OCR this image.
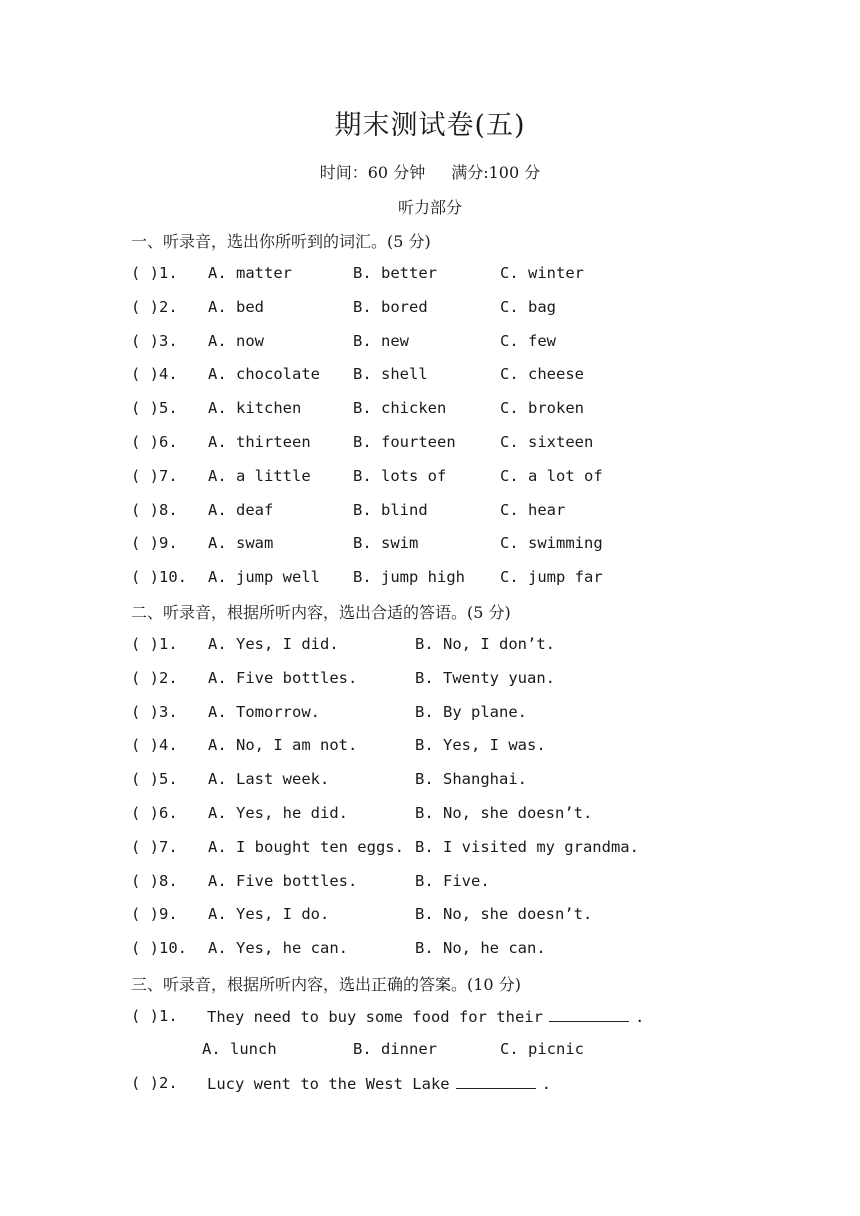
期末测试卷(五)
时间：60 分钟 满分:100 分
听力部分
一、听录音，选出你所听到的词汇。(5 分)
( )1. A. matter	B. better	C. winter
( )2. A. bed	B. bored	C. bag
( )3. A. now	B. new	C. few
( )4. A. chocolate B. shell	C. cheese
( )5. A. kitchen	B. chicken	C. broken
( )6. A. thirteen	B. fourteen	C. sixteen
( )7. A. a little	B. lots of	C. a lot of
( )8. A. deaf	B. blind	C. hear
( )9. A. swam	B. swim	C. swimming
( )10. A. jump well B. jump high C. jump far
二、听录音，根据所听内容，选出合适的答语。(5 分)
( )1. A. Yes, I did.	B. No, I don’t.
( )2. A. Five bottles.	B. Twenty yuan.
( )3. A. Tomorrow.	B. By plane.
( )4. A. No, I am not.	B. Yes, I was.
( )5. A. Last week.	B. Shanghai.
( )6. A. Yes, he did.	B. No, she doesn’t.
( )7. A. I bought ten eggs. B. I visited my grandma.
( )8. A. Five bottles.	B. Five.
( )9. A. Yes, I do.	B. No, she doesn’t.
( )10. A. Yes, he can.	B. No, he can.
三、听录音，根据所听内容，选出正确的答案。(10 分)
( )1. They need to buy some food for their	.
A. lunch	B. dinner	C. picnic
( )2. Lucy went to the West Lake	.
